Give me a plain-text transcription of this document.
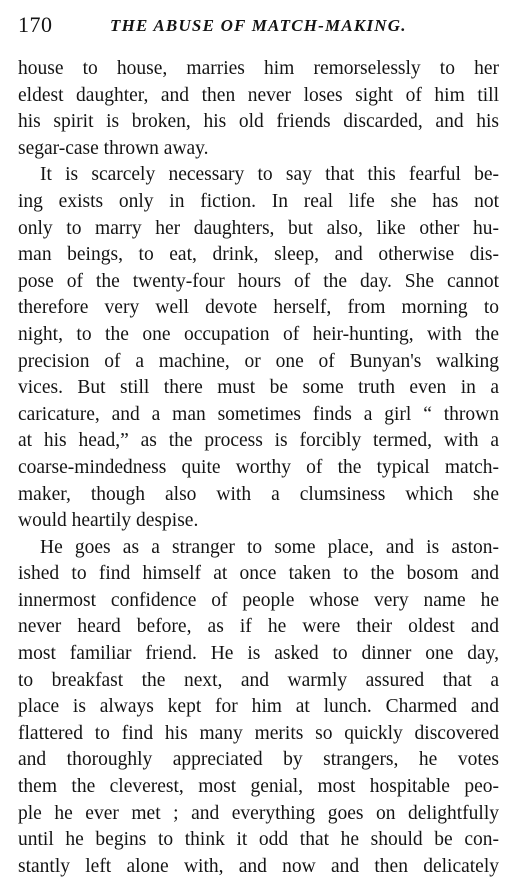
170	THE ABUSE OF MATCH-MAKING.
house to house, marries him remorselessly to her
eldest daughter, and then never loses sight of him till
his spirit is broken, his old friends discarded, and his
segar-case thrown away.
It is scarcely necessary to say that this fearful be-
ing exists only in fiction. In real life she has not
only to marry her daughters, but also, like other hu-
man beings, to eat, drink, sleep, and otherwise dis-
pose of the twenty-four hours of the day. She cannot
therefore very well devote herself, from morning to
night, to the one occupation of heir-hunting, with the
precision of a machine, or one of Bunyan's walking
vices. But still there must be some truth even in a
caricature, and a man sometimes finds a girl “ thrown
at his head,” as the process is forcibly termed, with a
coarse-mindedness quite worthy of the typical match-
maker, though also with a clumsiness which she
would heartily despise.
He goes as a stranger to some place, and is aston-
ished to find himself at once taken to the bosom and
innermost confidence of people whose very name he
never heard before, as if he were their oldest and
most familiar friend. He is asked to dinner one day,
to breakfast the next, and warmly assured that a
place is always kept for him at lunch. Charmed and
flattered to find his many merits so quickly discovered
and thoroughly appreciated by strangers, he votes
them the cleverest, most genial, most hospitable peo-
ple he ever met ; and everything goes on delightfully
until he begins to think it odd that he should be con-
stantly left alone with, and now and then delicately
